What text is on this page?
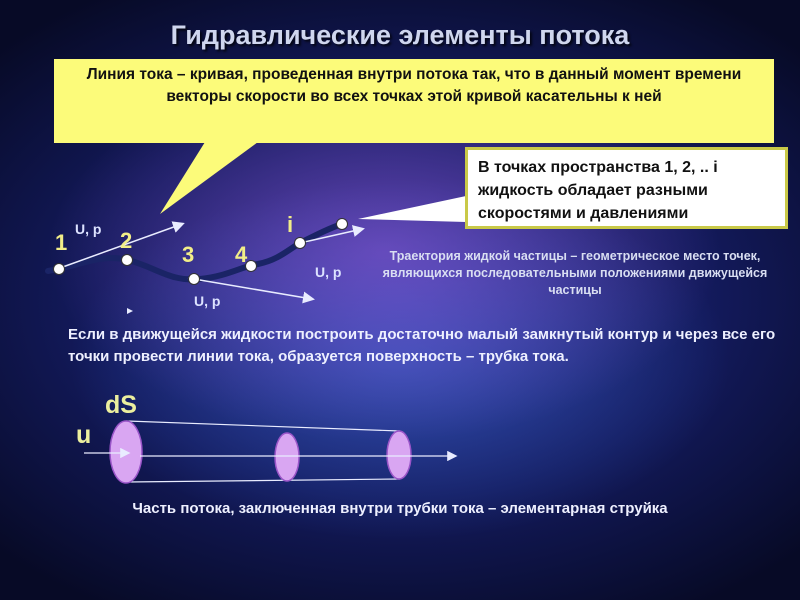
Гидравлические элементы потока
Линия тока – кривая, проведенная внутри потока так, что в данный момент времени векторы скорости во всех точках этой кривой касательны к ней
В точках пространства 1, 2, .. i жидкость обладает разными скоростями и давлениями
1 2
3 4
i
U, p
U, p
U, p
Траектория жидкой частицы – геометрическое место точек, являющихся последовательными положениями движущейся частицы
Если в движущейся жидкости построить достаточно малый замкнутый контур и через все его точки провести линии тока, образуется поверхность – трубка тока.
dS
u
Часть потока, заключенная внутри трубки тока – элементарная струйка
